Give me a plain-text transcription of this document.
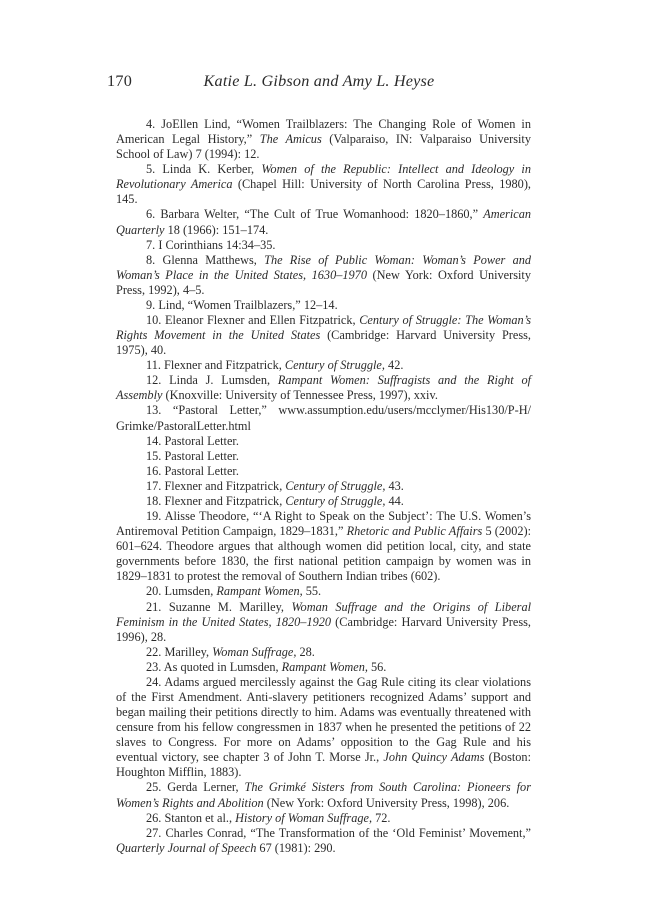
170	Katie L. Gibson and Amy L. Heyse

4. JoEllen Lind, “Women Trailblazers: The Changing Role of Women in American Legal History,” The Amicus (Valparaiso, IN: Valparaiso University School of Law) 7 (1994): 12.

5. Linda K. Kerber, Women of the Republic: Intellect and Ideology in Revolutionary America (Chapel Hill: University of North Carolina Press, 1980), 145.

6. Barbara Welter, “The Cult of True Womanhood: 1820–1860,” American Quarterly 18 (1966): 151–174.

7. I Corinthians 14:34–35.

8. Glenna Matthews, The Rise of Public Woman: Woman’s Power and Woman’s Place in the United States, 1630–1970 (New York: Oxford University Press, 1992), 4–5.

9. Lind, “Women Trailblazers,” 12–14.

10. Eleanor Flexner and Ellen Fitzpatrick, Century of Struggle: The Woman’s Rights Movement in the United States (Cambridge: Harvard University Press, 1975), 40.

11. Flexner and Fitzpatrick, Century of Struggle, 42.

12. Linda J. Lumsden, Rampant Women: Suffragists and the Right of Assembly (Knoxville: University of Tennessee Press, 1997), xxiv.

13. “Pastoral Letter,” www.assumption.edu/users/mcclymer/His130/P-H/ Grimke/PastoralLetter.html

14. Pastoral Letter.

15. Pastoral Letter.

16. Pastoral Letter.

17. Flexner and Fitzpatrick, Century of Struggle, 43.

18. Flexner and Fitzpatrick, Century of Struggle, 44.

19. Alisse Theodore, “‘A Right to Speak on the Subject’: The U.S. Women’s Antiremoval Petition Campaign, 1829–1831,” Rhetoric and Public Affairs 5 (2002): 601–624. Theodore argues that although women did petition local, city, and state governments before 1830, the first national petition campaign by women was in 1829–1831 to protest the removal of Southern Indian tribes (602).

20. Lumsden, Rampant Women, 55.

21. Suzanne M. Marilley, Woman Suffrage and the Origins of Liberal Feminism in the United States, 1820–1920 (Cambridge: Harvard University Press, 1996), 28.

22. Marilley, Woman Suffrage, 28.

23. As quoted in Lumsden, Rampant Women, 56.

24. Adams argued mercilessly against the Gag Rule citing its clear violations of the First Amendment. Anti-slavery petitioners recognized Adams’ support and began mailing their petitions directly to him. Adams was eventually threatened with censure from his fellow congressmen in 1837 when he presented the petitions of 22 slaves to Congress. For more on Adams’ opposition to the Gag Rule and his eventual victory, see chapter 3 of John T. Morse Jr., John Quincy Adams (Boston: Houghton Mifflin, 1883).

25. Gerda Lerner, The Grimké Sisters from South Carolina: Pioneers for Women’s Rights and Abolition (New York: Oxford University Press, 1998), 206.

26. Stanton et al., History of Woman Suffrage, 72.

27. Charles Conrad, “The Transformation of the ‘Old Feminist’ Movement,” Quarterly Journal of Speech 67 (1981): 290.
